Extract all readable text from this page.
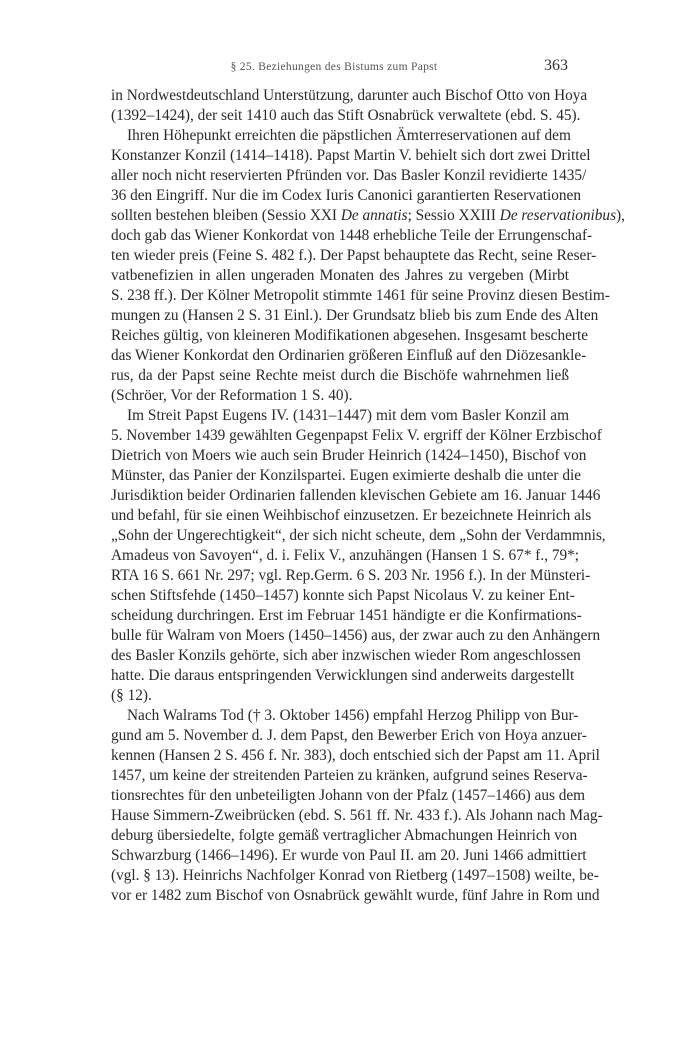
§ 25. Beziehungen des Bistums zum Papst	363

in Nordwestdeutschland Unterstützung, darunter auch Bischof Otto von Hoya
(1392–1424), der seit 1410 auch das Stift Osnabrück verwaltete (ebd. S. 45).

Ihren Höhepunkt erreichten die päpstlichen Ämterreservationen auf dem
Konstanzer Konzil (1414–1418). Papst Martin V. behielt sich dort zwei Drittel
aller noch nicht reservierten Pfründen vor. Das Basler Konzil revidierte 1435/
36 den Eingriff. Nur die im Codex Iuris Canonici garantierten Reservationen
sollten bestehen bleiben (Sessio XXI De annatis; Sessio XXIII De reservationibus),
doch gab das Wiener Konkordat von 1448 erhebliche Teile der Errungenschaf-
ten wieder preis (Feine S. 482 f.). Der Papst behauptete das Recht, seine Reser-
vatbenefizien in allen ungeraden Monaten des Jahres zu vergeben (Mirbt
S. 238 ff.). Der Kölner Metropolit stimmte 1461 für seine Provinz diesen Bestim-
mungen zu (Hansen 2 S. 31 Einl.). Der Grundsatz blieb bis zum Ende des Alten
Reiches gültig, von kleineren Modifikationen abgesehen. Insgesamt bescherte
das Wiener Konkordat den Ordinarien größeren Einfluß auf den Diözesankle-
rus, da der Papst seine Rechte meist durch die Bischöfe wahrnehmen ließ
(Schröer, Vor der Reformation 1 S. 40).

Im Streit Papst Eugens IV. (1431–1447) mit dem vom Basler Konzil am
5. November 1439 gewählten Gegenpapst Felix V. ergriff der Kölner Erzbischof
Dietrich von Moers wie auch sein Bruder Heinrich (1424–1450), Bischof von
Münster, das Panier der Konzilspartei. Eugen eximierte deshalb die unter die
Jurisdiktion beider Ordinarien fallenden klevischen Gebiete am 16. Januar 1446
und befahl, für sie einen Weihbischof einzusetzen. Er bezeichnete Heinrich als
„Sohn der Ungerechtigkeit“, der sich nicht scheute, dem „Sohn der Verdammnis,
Amadeus von Savoyen“, d. i. Felix V., anzuhängen (Hansen 1 S. 67* f., 79*;
RTA 16 S. 661 Nr. 297; vgl. Rep.Germ. 6 S. 203 Nr. 1956 f.). In der Münsteri-
schen Stiftsfehde (1450–1457) konnte sich Papst Nicolaus V. zu keiner Ent-
scheidung durchringen. Erst im Februar 1451 händigte er die Konfirmations-
bulle für Walram von Moers (1450–1456) aus, der zwar auch zu den Anhängern
des Basler Konzils gehörte, sich aber inzwischen wieder Rom angeschlossen
hatte. Die daraus entspringenden Verwicklungen sind anderweits dargestellt
(§ 12).

Nach Walrams Tod († 3. Oktober 1456) empfahl Herzog Philipp von Bur-
gund am 5. November d. J. dem Papst, den Bewerber Erich von Hoya anzuer-
kennen (Hansen 2 S. 456 f. Nr. 383), doch entschied sich der Papst am 11. April
1457, um keine der streitenden Parteien zu kränken, aufgrund seines Reserva-
tionsrechtes für den unbeteiligten Johann von der Pfalz (1457–1466) aus dem
Hause Simmern-Zweibrücken (ebd. S. 561 ff. Nr. 433 f.). Als Johann nach Mag-
deburg übersiedelte, folgte gemäß vertraglicher Abmachungen Heinrich von
Schwarzburg (1466–1496). Er wurde von Paul II. am 20. Juni 1466 admittiert
(vgl. § 13). Heinrichs Nachfolger Konrad von Rietberg (1497–1508) weilte, be-
vor er 1482 zum Bischof von Osnabrück gewählt wurde, fünf Jahre in Rom und
